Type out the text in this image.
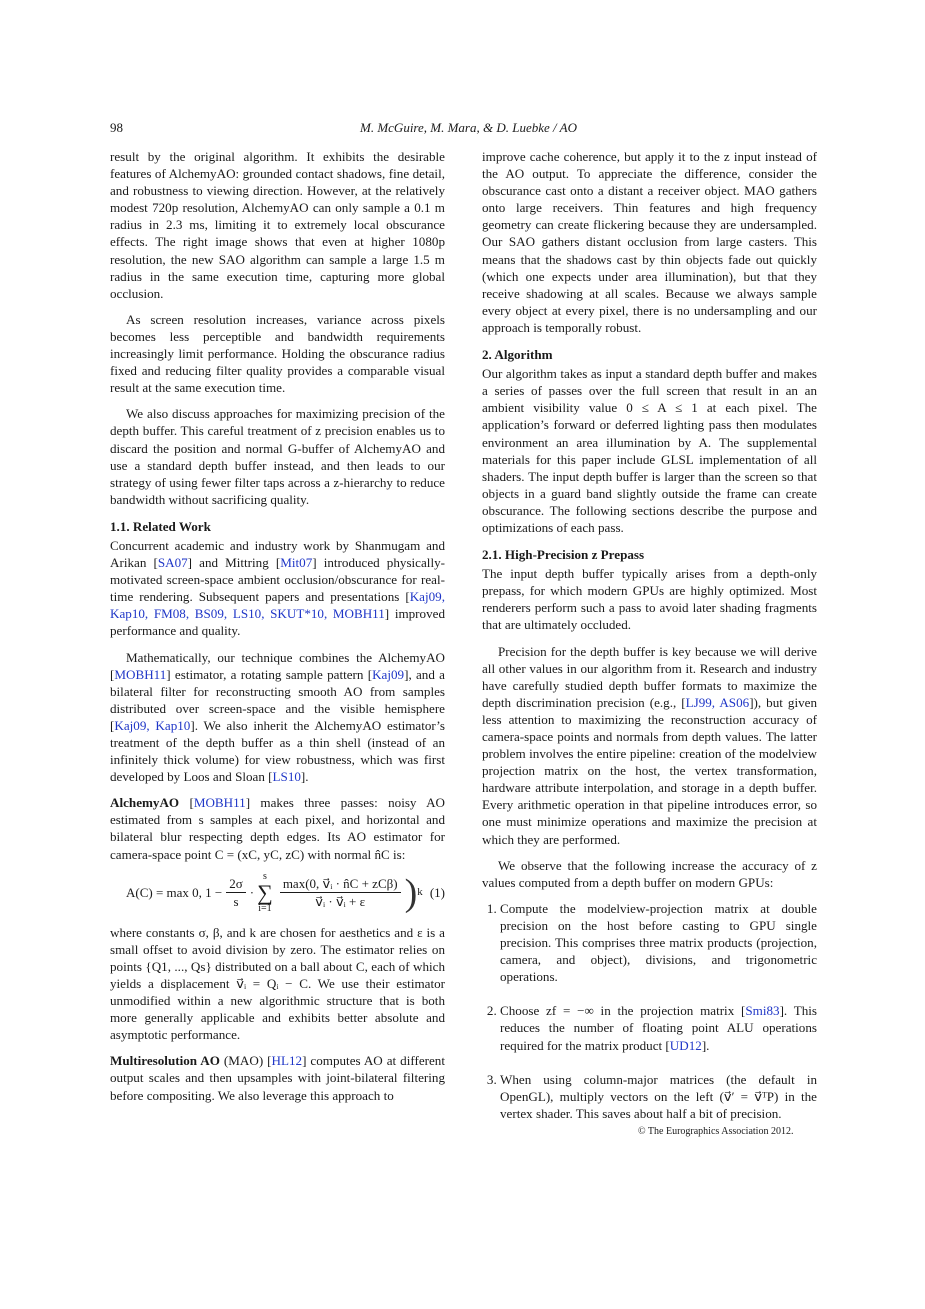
98	M. McGuire, M. Mara, & D. Luebke / AO

result by the original algorithm. It exhibits the desirable features of AlchemyAO: grounded contact shadows, fine detail, and robustness to viewing direction. However, at the relatively modest 720p resolution, AlchemyAO can only sample a 0.1 m radius in 2.3 ms, limiting it to extremely local obscurance effects. The right image shows that even at higher 1080p resolution, the new SAO algorithm can sample a large 1.5 m radius in the same execution time, capturing more global occlusion.

As screen resolution increases, variance across pixels becomes less perceptible and bandwidth requirements increasingly limit performance. Holding the obscurance radius fixed and reducing filter quality provides a comparable visual result at the same execution time.

We also discuss approaches for maximizing precision of the depth buffer. This careful treatment of z precision enables us to discard the position and normal G-buffer of AlchemyAO and use a standard depth buffer instead, and then leads to our strategy of using fewer filter taps across a z-hierarchy to reduce bandwidth without sacrificing quality.

1.1. Related Work

Concurrent academic and industry work by Shanmugam and Arikan [SA07] and Mittring [Mit07] introduced physically-motivated screen-space ambient occlusion/obscurance for real-time rendering. Subsequent papers and presentations [Kaj09, Kap10, FM08, BS09, LS10, SKUT*10, MOBH11] improved performance and quality.

Mathematically, our technique combines the AlchemyAO [MOBH11] estimator, a rotating sample pattern [Kaj09], and a bilateral filter for reconstructing smooth AO from samples distributed over screen-space and the visible hemisphere [Kaj09, Kap10]. We also inherit the AlchemyAO estimator’s treatment of the depth buffer as a thin shell (instead of an infinitely thick volume) for view robustness, which was first developed by Loos and Sloan [LS10].

AlchemyAO [MOBH11] makes three passes: noisy AO estimated from s samples at each pixel, and horizontal and bilateral blur respecting depth edges. Its AO estimator for camera-space point C = (xC, yC, zC) with normal n̂C is:

A(C) = max 0, $1 - \frac{2\sigma}{s}$ ·
s
∑
$i=1 \frac{\text{max(0, v⃗ᵢ · n̂C + zCβ)}}{\text{v⃗ᵢ · v⃗ᵢ + ε}}$ ) k (1)

where constants σ, β, and k are chosen for aesthetics and ε is a small offset to avoid division by zero. The estimator relies on points {Q1, ..., Qs} distributed on a ball about C, each of which yields a displacement v⃗ᵢ = Qᵢ − C. We use their estimator unmodified within a new algorithmic structure that is both more generally applicable and exhibits better absolute and asymptotic performance.

Multiresolution AO (MAO) [HL12] computes AO at different output scales and then upsamples with joint-bilateral filtering before compositing. We also leverage this approach to

improve cache coherence, but apply it to the z input instead of the AO output. To appreciate the difference, consider the obscurance cast onto a distant a receiver object. MAO gathers onto large receivers. Thin features and high frequency geometry can create flickering because they are undersampled. Our SAO gathers distant occlusion from large casters. This means that the shadows cast by thin objects fade out quickly (which one expects under area illumination), but that they receive shadowing at all scales. Because we always sample every object at every pixel, there is no undersampling and our approach is temporally robust.

2. Algorithm

Our algorithm takes as input a standard depth buffer and makes a series of passes over the full screen that result in an an ambient visibility value 0 ≤ A ≤ 1 at each pixel. The application’s forward or deferred lighting pass then modulates environment an area illumination by A. The supplemental materials for this paper include GLSL implementation of all shaders. The input depth buffer is larger than the screen so that objects in a guard band slightly outside the frame can create obscurance. The following sections describe the purpose and optimizations of each pass.

2.1. High-Precision z Prepass

The input depth buffer typically arises from a depth-only prepass, for which modern GPUs are highly optimized. Most renderers perform such a pass to avoid later shading fragments that are ultimately occluded.

Precision for the depth buffer is key because we will derive all other values in our algorithm from it. Research and industry have carefully studied depth buffer formats to maximize the depth discrimination precision (e.g., [LJ99, AS06]), but given less attention to maximizing the reconstruction accuracy of camera-space points and normals from depth values. The latter problem involves the entire pipeline: creation of the modelview projection matrix on the host, the vertex transformation, hardware attribute interpolation, and storage in a depth buffer. Every arithmetic operation in that pipeline introduces error, so one must minimize operations and maximize the precision at which they are performed.

We observe that the following increase the accuracy of z values computed from a depth buffer on modern GPUs:

1. Compute the modelview-projection matrix at double precision on the host before casting to GPU single precision. This comprises three matrix products (projection, camera, and object), divisions, and trigonometric operations.
2. Choose zf = −∞ in the projection matrix [Smi83]. This reduces the number of floating point ALU operations required for the matrix product [UD12].
3. When using column-major matrices (the default in OpenGL), multiply vectors on the left (v⃗′ = v⃗ᵀP) in the vertex shader. This saves about half a bit of precision.
© The Eurographics Association 2012.
